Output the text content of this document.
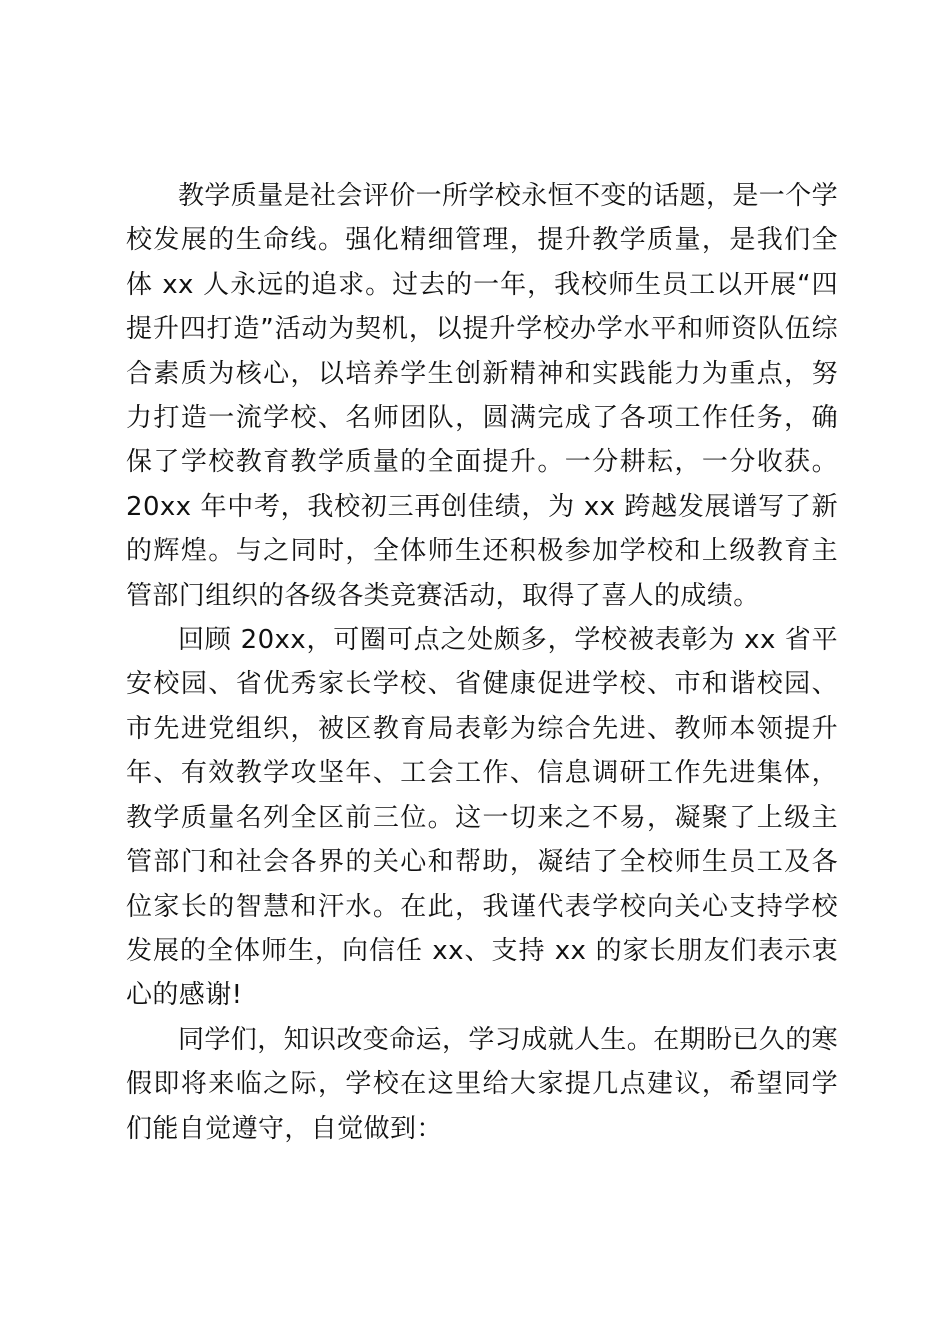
教学质量是社会评价一所学校永恒不变的话题，是一个学校发展的生命线。强化精细管理，提升教学质量，是我们全体 xx 人永远的追求。过去的一年，我校师生员工以开展“四提升四打造”活动为契机，以提升学校办学水平和师资队伍综合素质为核心，以培养学生创新精神和实践能力为重点，努力打造一流学校、名师团队，圆满完成了各项工作任务，确保了学校教育教学质量的全面提升。一分耕耘，一分收获。20xx 年中考，我校初三再创佳绩，为 xx 跨越发展谱写了新的辉煌。与之同时，全体师生还积极参加学校和上级教育主管部门组织的各级各类竞赛活动，取得了喜人的成绩。

回顾 20xx，可圈可点之处颇多，学校被表彰为 xx 省平安校园、省优秀家长学校、省健康促进学校、市和谐校园、市先进党组织，被区教育局表彰为综合先进、教师本领提升年、有效教学攻坚年、工会工作、信息调研工作先进集体，教学质量名列全区前三位。这一切来之不易，凝聚了上级主管部门和社会各界的关心和帮助，凝结了全校师生员工及各位家长的智慧和汗水。在此，我谨代表学校向关心支持学校发展的全体师生，向信任 xx、支持 xx 的家长朋友们表示衷心的感谢!

同学们，知识改变命运，学习成就人生。在期盼已久的寒假即将来临之际，学校在这里给大家提几点建议，希望同学们能自觉遵守，自觉做到：
